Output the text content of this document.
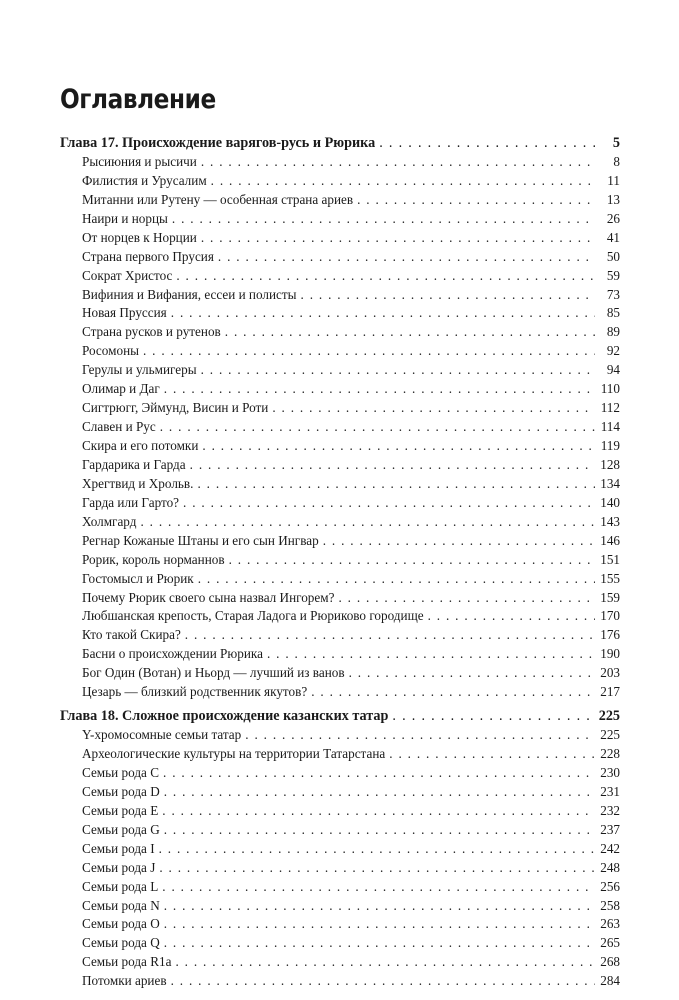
Оглавление
Глава 17. Происхождение варягов-русь и Рюрика . . .	5
Рысиюния и рысичи . . .	8
Филистия и Урусалим . . .	11
Митанни или Рутену — особенная страна ариев . . .	13
Наири и норцы . . .	26
От норцев к Норции . . .	41
Страна первого Прусия . . .	50
Сократ Христос . . .	59
Вифиния и Вифания, ессеи и полисты . . .	73
Новая Пруссия . . .	85
Страна русков и рутенов . . .	89
Росомоны . . .	92
Герулы и ульмигеры . . .	94
Олимар и Даг . . .	110
Сигтрюгг, Эймунд, Висин и Роти . . .	112
Славен и Рус . . .	114
Скира и его потомки . . .	119
Гардарика и Гарда . . .	128
Хрегтвид и Хрольв. . . .	134
Гарда или Гарто? . . .	140
Холмгард . . .	143
Регнар Кожаные Штаны и его сын Ингвар . . .	146
Рорик, король норманнов . . .	151
Гостомысл и Рюрик . . .	155
Почему Рюрик своего сына назвал Ингорем? . . .	159
Любшанская крепость, Старая Ладога и Рюриково городище . . .	170
Кто такой Скира? . . .	176
Басни о происхождении Рюрика . . .	190
Бог Один (Вотан) и Ньорд — лучший из ванов . . .	203
Цезарь — близкий родственник якутов? . . .	217
Глава 18. Сложное происхождение казанских татар . . .	225
Y-хромосомные семьи татар . . .	225
Археологические культуры на территории Татарстана . . .	228
Семьи рода С . . .	230
Семьи рода D . . .	231
Семьи рода Е . . .	232
Семьи рода G . . .	237
Семьи рода I . . .	242
Семьи рода J . . .	248
Семьи рода L . . .	256
Семьи рода N . . .	258
Семьи рода O . . .	263
Семьи рода Q . . .	265
Семьи рода R1a . . .	268
Потомки ариев . . .	284
